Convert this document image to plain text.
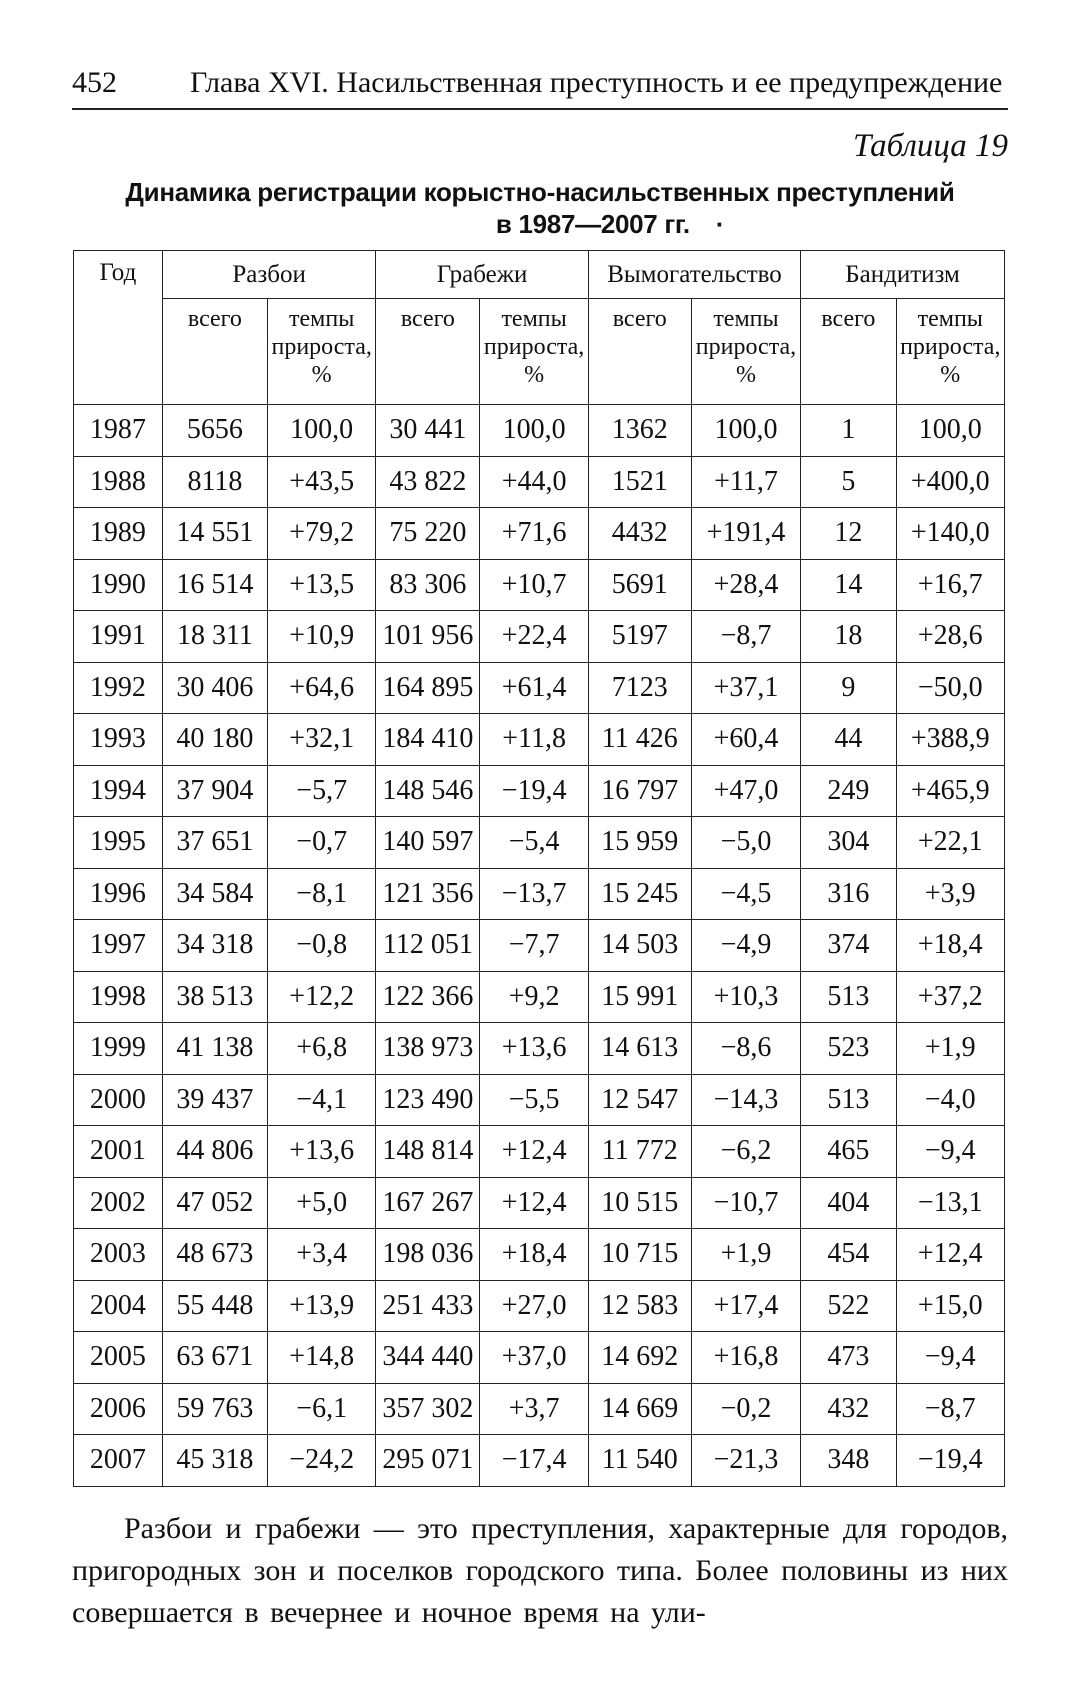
452 Глава XVI. Насильственная преступность и ее предупреждение
Таблица 19
Динамика регистрации корыстно-насильственных преступлений
в 1987—2007 гг. ·
Год	Разбои		Грабежи		Вымогательство		Бандитизм	
	всего	темпы прироста, %	всего	темпы прироста, %	всего	темпы прироста, %	всего	темпы прироста, %
1987	5656	100,0	30 441	100,0	1362	100,0	1	100,0
1988	8118	+43,5	43 822	+44,0	1521	+11,7	5	+400,0
1989	14 551	+79,2	75 220	+71,6	4432	+191,4	12	+140,0
1990	16 514	+13,5	83 306	+10,7	5691	+28,4	14	+16,7
1991	18 311	+10,9	101 956	+22,4	5197	−8,7	18	+28,6
1992	30 406	+64,6	164 895	+61,4	7123	+37,1	9	−50,0
1993	40 180	+32,1	184 410	+11,8	11 426	+60,4	44	+388,9
1994	37 904	−5,7	148 546	−19,4	16 797	+47,0	249	+465,9
1995	37 651	−0,7	140 597	−5,4	15 959	−5,0	304	+22,1
1996	34 584	−8,1	121 356	−13,7	15 245	−4,5	316	+3,9
1997	34 318	−0,8	112 051	−7,7	14 503	−4,9	374	+18,4
1998	38 513	+12,2	122 366	+9,2	15 991	+10,3	513	+37,2
1999	41 138	+6,8	138 973	+13,6	14 613	−8,6	523	+1,9
2000	39 437	−4,1	123 490	−5,5	12 547	−14,3	513	−4,0
2001	44 806	+13,6	148 814	+12,4	11 772	−6,2	465	−9,4
2002	47 052	+5,0	167 267	+12,4	10 515	−10,7	404	−13,1
2003	48 673	+3,4	198 036	+18,4	10 715	+1,9	454	+12,4
2004	55 448	+13,9	251 433	+27,0	12 583	+17,4	522	+15,0
2005	63 671	+14,8	344 440	+37,0	14 692	+16,8	473	−9,4
2006	59 763	−6,1	357 302	+3,7	14 669	−0,2	432	−8,7
2007	45 318	−24,2	295 071	−17,4	11 540	−21,3	348	−19,4

Разбои и грабежи — это преступления, характерные для городов, пригородных зон и поселков городского типа. Более половины из них совершается в вечернее и ночное время на ули-
